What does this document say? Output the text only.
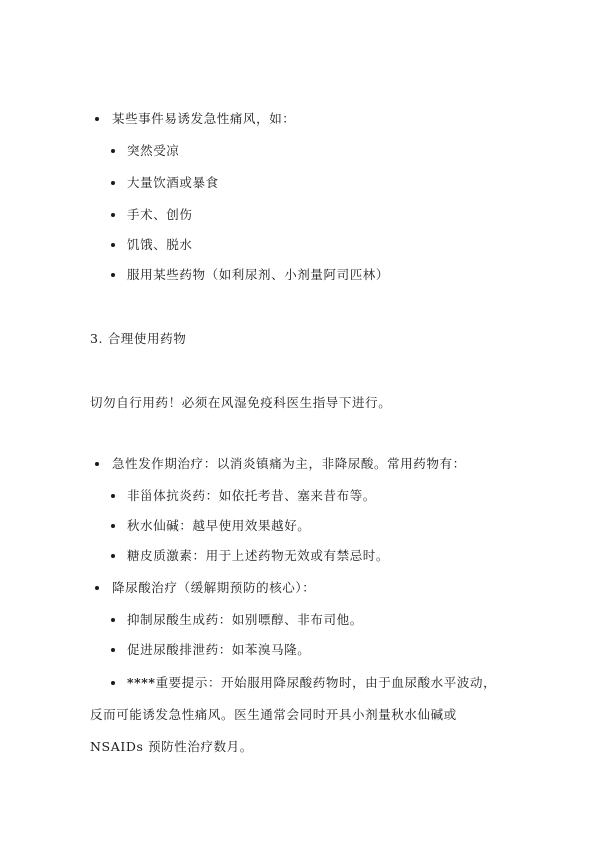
某些事件易诱发急性痛风，如：
突然受凉
大量饮酒或暴食
手术、创伤
饥饿、脱水
服用某些药物（如利尿剂、小剂量阿司匹林）
3. 合理使用药物
切勿自行用药！必须在风湿免疫科医生指导下进行。
急性发作期治疗：以消炎镇痛为主，非降尿酸。常用药物有：
非甾体抗炎药：如依托考昔、塞来昔布等。
秋水仙碱：越早使用效果越好。
糖皮质激素：用于上述药物无效或有禁忌时。
降尿酸治疗（缓解期预防的核心）：
抑制尿酸生成药：如别嘌醇、非布司他。
促进尿酸排泄药：如苯溴马隆。
****重要提示：开始服用降尿酸药物时，由于血尿酸水平波动，
反而可能诱发急性痛风。医生通常会同时开具小剂量秋水仙碱或
NSAIDs 预防性治疗数月。
